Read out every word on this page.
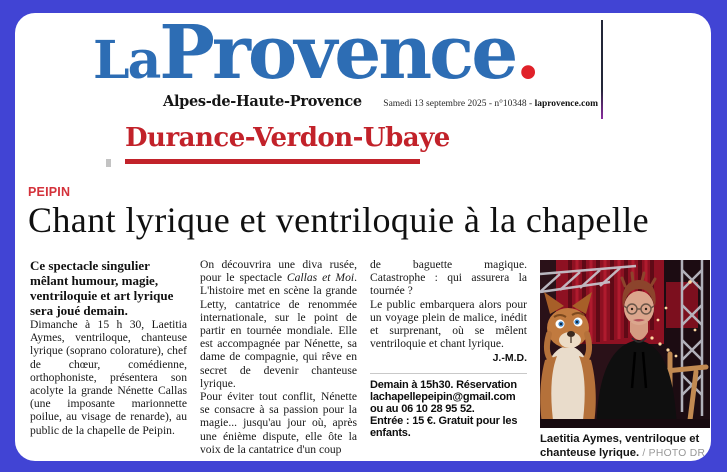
LaProvence.
Alpes-de-Haute-Provence Samedi 13 septembre 2025 - n°10348 - laprovence.com
Durance-Verdon-Ubaye
PEIPIN
Chant lyrique et ventriloquie à la chapelle

Ce spectacle singulier mêlant humour, magie, ventriloquie et art lyrique sera joué demain.

Dimanche à 15 h 30, Laetitia Aymes, ventriloque, chanteuse lyrique (soprano colorature), chef de chœur, comédienne, orthophoniste, présentera son acolyte la grande Nénette Callas (une imposante marionnette poilue, au visage de renarde), au public de la chapelle de Peipin.

On découvrira une diva rusée, pour le spectacle Callas et Moi. L'histoire met en scène la grande Letty, cantatrice de renommée internationale, sur le point de partir en tournée mondiale. Elle est accompagnée par Nénette, sa dame de compagnie, qui rêve en secret de devenir chanteuse lyrique.

Pour éviter tout conflit, Nénette se consacre à sa passion pour la magie... jusqu'au jour où, après une énième dispute, elle ôte la voix de la cantatrice d'un coup

de baguette magique. Catastrophe : qui assurera la tournée ?

Le public embarquera alors pour un voyage plein de malice, inédit et surprenant, où se mêlent ventriloquie et chant lyrique.

J.-M.D.
Demain à 15h30. Réservation
lachapellepeipin@gmail.com
ou au 06 10 28 95 52.
Entrée : 15 €. Gratuit pour les
enfants.	Laetitia Aymes, ventriloque et chanteuse lyrique. / PHOTO DR
